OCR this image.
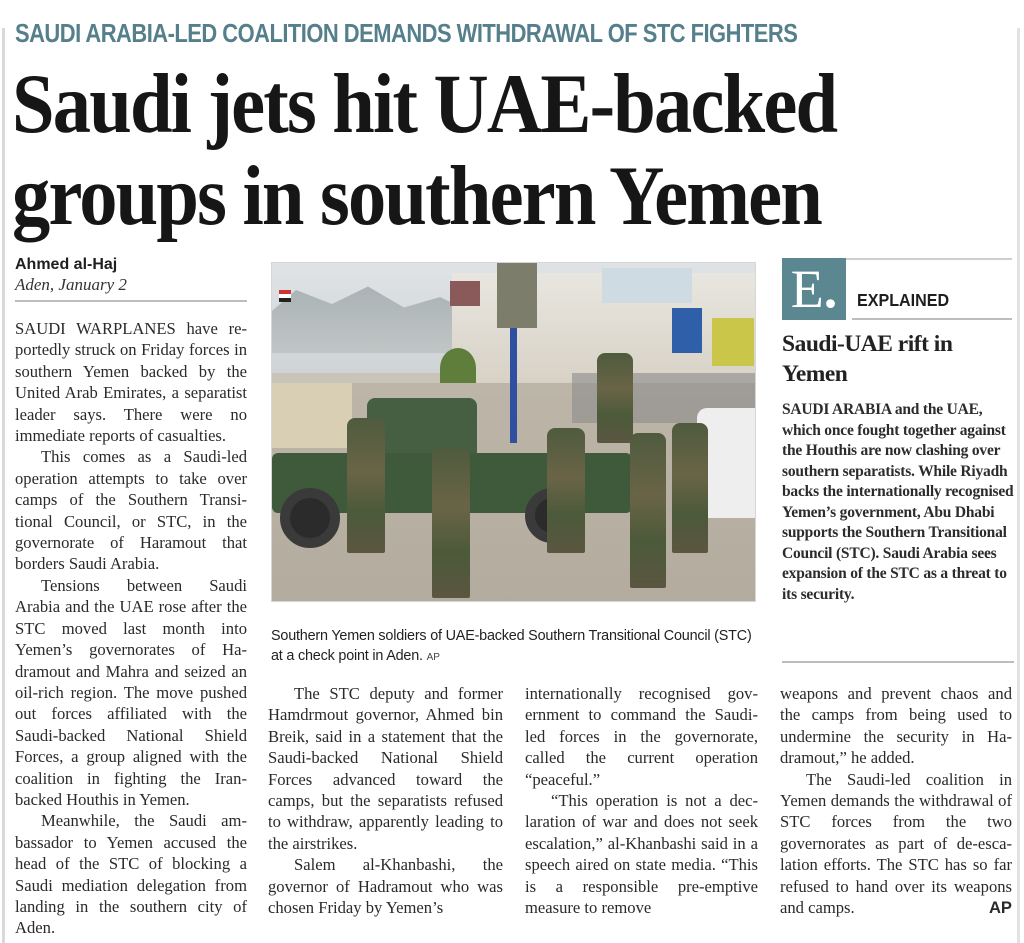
SAUDI ARABIA-LED COALITION DEMANDS WITHDRAWAL OF STC FIGHTERS
Saudi jets hit UAE-backed
groups in southern Yemen
Ahmed al-Haj
Aden, January 2

SAUDI WARPLANES have reportedly struck on Friday forces in southern Yemen backed by the United Arab Emirates, a separatist leader says. There were no immediate reports of casualties.

This comes as a Saudi-led operation attempts to take over camps of the Southern Transitional Council, or STC, in the governorate of Haramout that borders Saudi Arabia.

Tensions between Saudi Arabia and the UAE rose after the STC moved last month into Yemen’s governorates of Hadramout and Mahra and seized an oil-rich region. The move pushed out forces affiliated with the Saudi-backed National Shield Forces, a group aligned with the coalition in fighting the Iran-backed Houthis in Yemen.

Meanwhile, the Saudi ambassador to Yemen accused the head of the STC of blocking a Saudi mediation delegation from landing in the southern city of Aden.

Southern Yemen soldiers of UAE-backed Southern Transitional Council (STC) at a check point in Aden. AP

The STC deputy and former Hamdrmout governor, Ahmed bin Breik, said in a statement that the Saudi-backed National Shield Forces advanced toward the camps, but the separatists refused to withdraw, apparently leading to the airstrikes.

Salem al-Khanbashi, the governor of Hadramout who was chosen Friday by Yemen’s

internationally recognised government to command the Saudi-led forces in the governorate, called the current operation “peaceful.”

“This operation is not a declaration of war and does not seek escalation,” al-Khanbashi said in a speech aired on state media. “This is a responsible pre-emptive measure to remove

weapons and prevent chaos and the camps from being used to undermine the security in Hadramout,” he added.

The Saudi-led coalition in Yemen demands the withdrawal of STC forces from the two governorates as part of de-escalation efforts. The STC has so far refused to hand over its weapons and camps.	AP

E.	EXPLAINED
Saudi-UAE rift in Yemen
SAUDI ARABIA and the UAE, which once fought together against the Houthis are now clashing over southern separatists. While Riyadh backs the internationally recognised Yemen’s government, Abu Dhabi supports the Southern Transitional Council (STC). Saudi Arabia sees expansion of the STC as a threat to its security.
